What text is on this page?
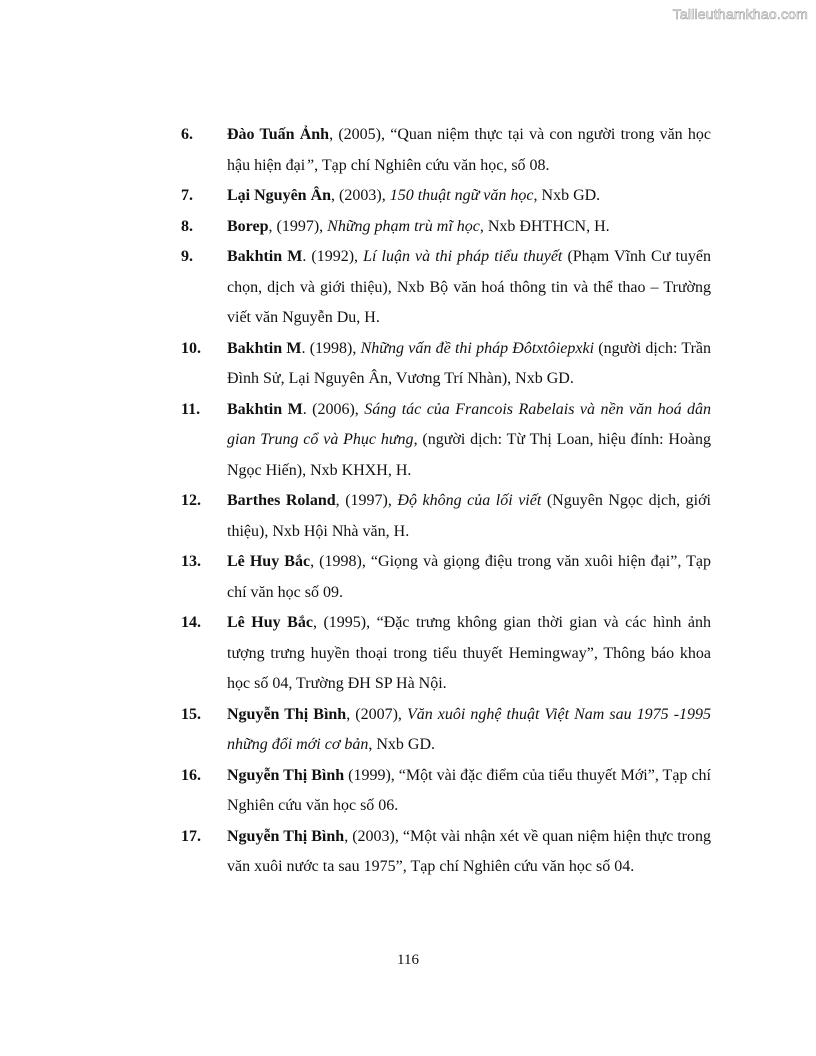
Tailieuthamkhao.com
6.	Đào Tuấn Ảnh, (2005), “Quan niệm thực tại và con người trong văn học hậu hiện đại”, Tạp chí Nghiên cứu văn học, số 08.
7.	Lại Nguyên Ân, (2003), 150 thuật ngữ văn học, Nxb GD.
8.	Borep, (1997), Những phạm trù mĩ học, Nxb ĐHTHCN, H.
9.	Bakhtin M. (1992), Lí luận và thi pháp tiểu thuyết (Phạm Vĩnh Cư tuyển chọn, dịch và giới thiệu), Nxb Bộ văn hoá thông tin và thể thao – Trường viết văn Nguyễn Du, H.
10.	Bakhtin M. (1998), Những vấn đề thi pháp Đôtxtôiepxki (người dịch: Trần Đình Sử, Lại Nguyên Ân, Vương Trí Nhàn), Nxb GD.
11.	Bakhtin M. (2006), Sáng tác của Francois Rabelais và nền văn hoá dân gian Trung cổ và Phục hưng, (người dịch: Từ Thị Loan, hiệu đính: Hoàng Ngọc Hiến), Nxb KHXH, H.
12.	Barthes Roland, (1997), Độ không của lối viết (Nguyên Ngọc dịch, giới thiệu), Nxb Hội Nhà văn, H.
13.	Lê Huy Bắc, (1998), “Giọng và giọng điệu trong văn xuôi hiện đại”, Tạp chí văn học số 09.
14.	Lê Huy Bắc, (1995), “Đặc trưng không gian thời gian và các hình ảnh tượng trưng huyền thoại trong tiểu thuyết Hemingway”, Thông báo khoa học số 04, Trường ĐH SP Hà Nội.
15.	Nguyễn Thị Bình, (2007), Văn xuôi nghệ thuật Việt Nam sau 1975 -1995 những đổi mới cơ bản, Nxb GD.
16.	Nguyễn Thị Bình (1999), “Một vài đặc điểm của tiểu thuyết Mới”, Tạp chí Nghiên cứu văn học số 06.
17.	Nguyễn Thị Bình, (2003), “Một vài nhận xét về quan niệm hiện thực trong văn xuôi nước ta sau 1975”, Tạp chí Nghiên cứu văn học số 04.
116
